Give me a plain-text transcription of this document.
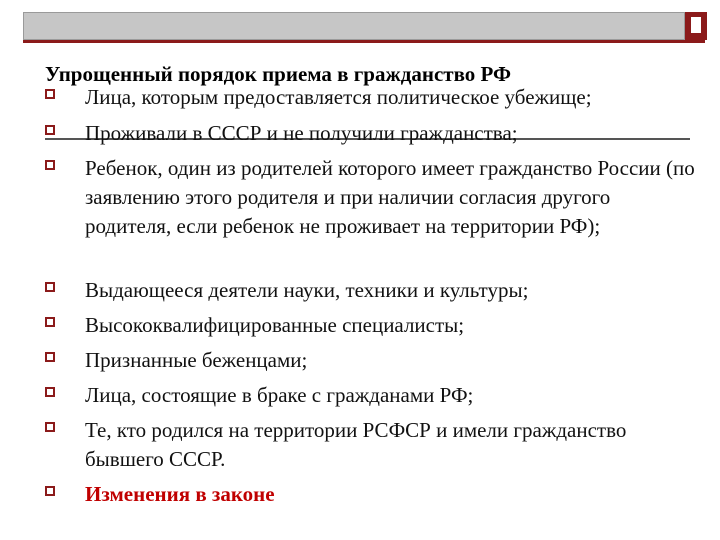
Упрощенный порядок приема в гражданство РФ
Лица, которым предоставляется политическое убежище;
Проживали в СССР и не получили гражданства;
Ребенок, один из родителей которого имеет гражданство России (по заявлению этого родителя и при наличии согласия другого родителя, если ребенок не проживает на территории РФ);
Выдающееся деятели науки, техники и культуры;
Высококвалифицированные специалисты;
Признанные беженцами;
Лица, состоящие в браке с гражданами РФ;
Те, кто родился на территории РСФСР и имели гражданство бывшего СССР.
Изменения в законе
